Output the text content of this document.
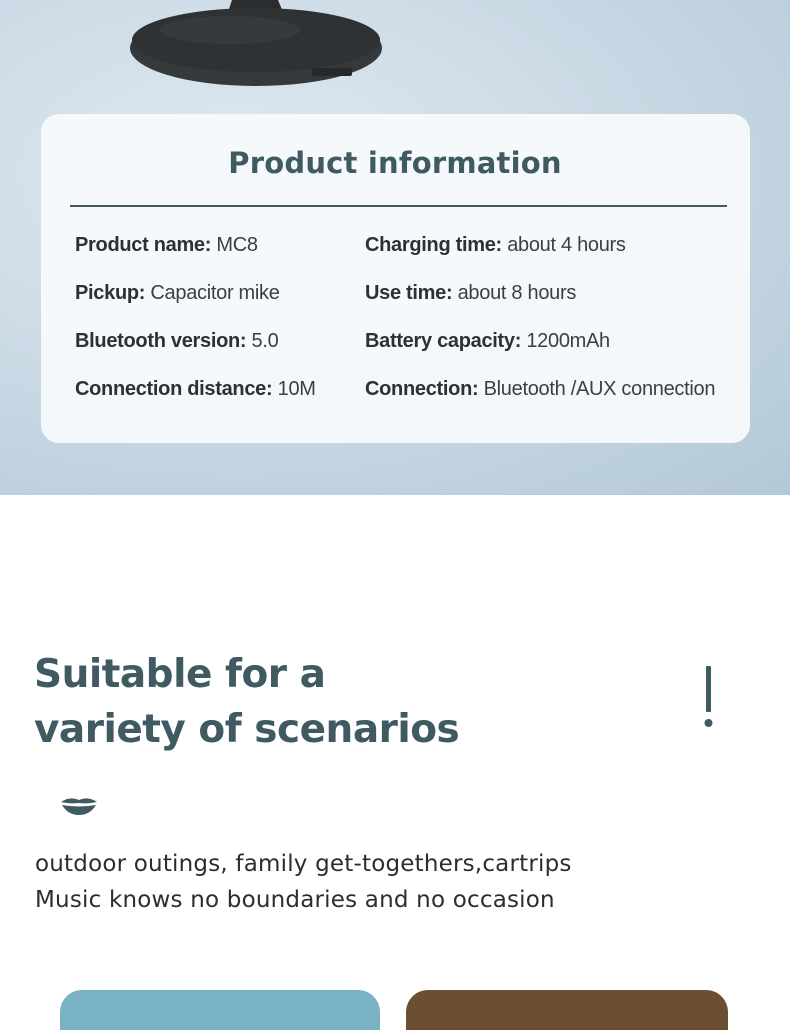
Product information
Product name: MC8
Pickup: Capacitor mike
Bluetooth version: 5.0
Connection distance: 10M
Charging time: about 4 hours
Use time: about 8 hours
Battery capacity: 1200mAh
Connection: Bluetooth /AUX connection
Suitable for a
variety of scenarios
outdoor outings, family get-togethers,cartrips
Music knows no boundaries and no occasion
